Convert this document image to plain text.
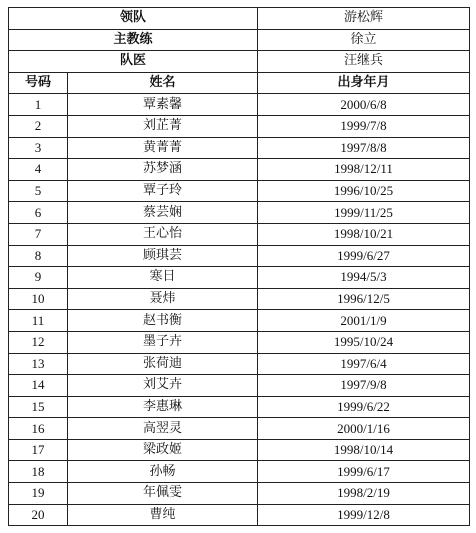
领队		游松辉
主教练		徐立
队医		汪继兵
号码	姓名	出身年月
1	覃素馨	2000/6/8
2	刘芷菁	1999/7/8
3	黄菁菁	1997/8/8
4	苏梦涵	1998/12/11
5	覃子玲	1996/10/25
6	蔡芸娴	1999/11/25
7	王心怡	1998/10/21
8	顾琪芸	1999/6/27
9	寒日	1994/5/3
10	聂炜	1996/12/5
11	赵书衡	2001/1/9
12	墨子卉	1995/10/24
13	张荷迪	1997/6/4
14	刘艾卉	1997/9/8
15	李惠琳	1999/6/22
16	高翌灵	2000/1/16
17	梁政姬	1998/10/14
18	孙畅	1999/6/17
19	年佩雯	1998/2/19
20	曹纯	1999/12/8
